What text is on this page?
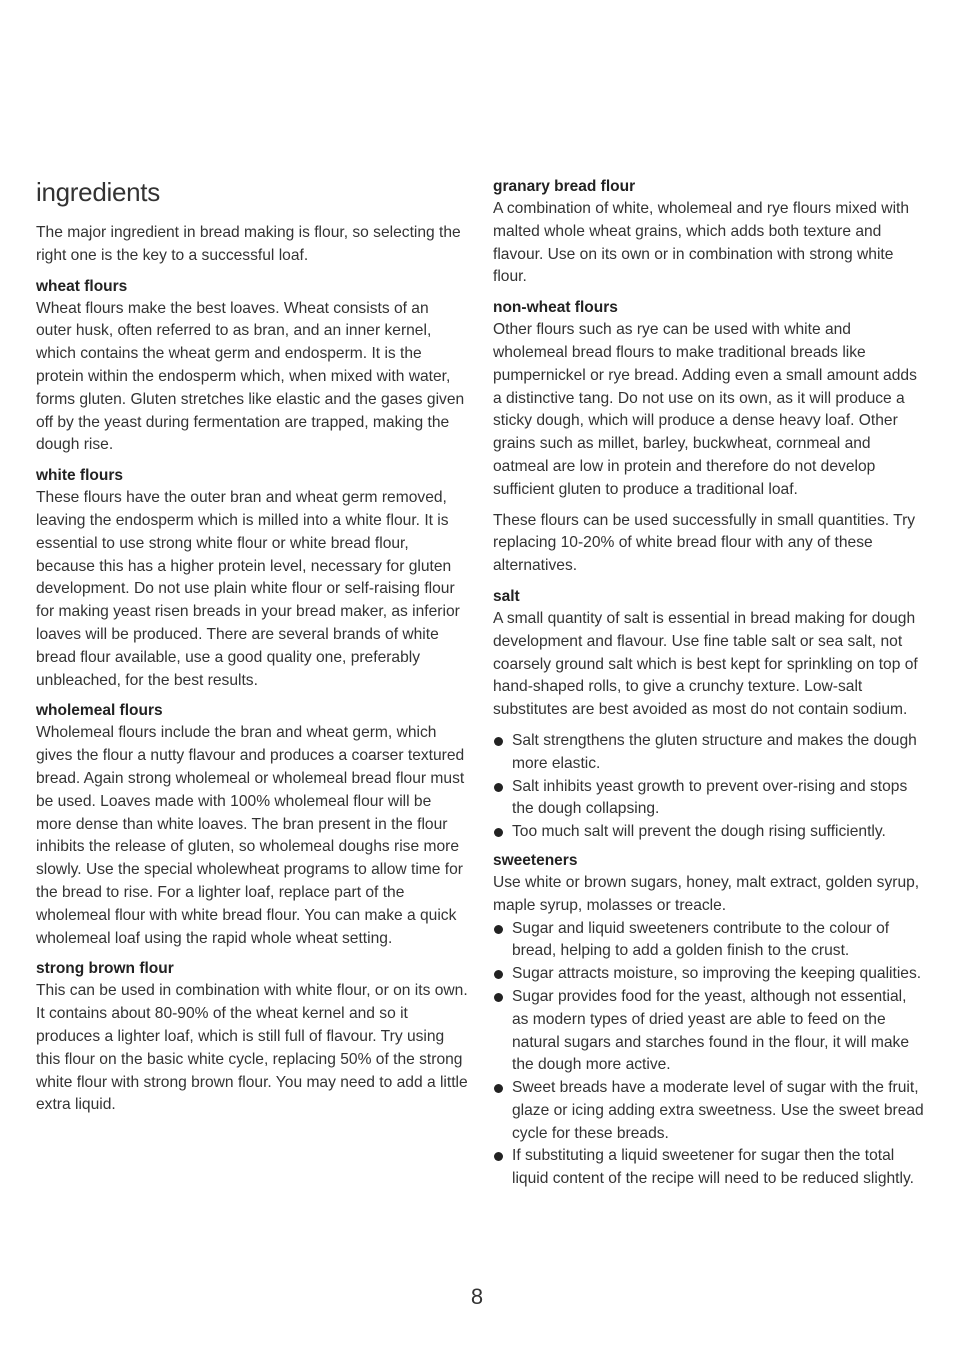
ingredients

The major ingredient in bread making is flour, so selecting the right one is the key to a successful loaf.

wheat flours

Wheat flours make the best loaves. Wheat consists of an outer husk, often referred to as bran, and an inner kernel, which contains the wheat germ and endosperm. It is the protein within the endosperm which, when mixed with water, forms gluten. Gluten stretches like elastic and the gases given off by the yeast during fermentation are trapped, making the dough rise.

white flours

These flours have the outer bran and wheat germ removed, leaving the endosperm which is milled into a white flour. It is essential to use strong white flour or white bread flour, because this has a higher protein level, necessary for gluten development. Do not use plain white flour or self-raising flour for making yeast risen breads in your bread maker, as inferior loaves will be produced. There are several brands of white bread flour available, use a good quality one, preferably unbleached, for the best results.

wholemeal flours

Wholemeal flours include the bran and wheat germ, which gives the flour a nutty flavour and produces a coarser textured bread. Again strong wholemeal or wholemeal bread flour must be used. Loaves made with 100% wholemeal flour will be more dense than white loaves. The bran present in the flour inhibits the release of gluten, so wholemeal doughs rise more slowly. Use the special wholewheat programs to allow time for the bread to rise. For a lighter loaf, replace part of the wholemeal flour with white bread flour. You can make a quick wholemeal loaf using the rapid whole wheat setting.

strong brown flour

This can be used in combination with white flour, or on its own. It contains about 80-90% of the wheat kernel and so it produces a lighter loaf, which is still full of flavour. Try using this flour on the basic white cycle, replacing 50% of the strong white flour with strong brown flour. You may need to add a little extra liquid.

granary bread flour

A combination of white, wholemeal and rye flours mixed with malted whole wheat grains, which adds both texture and flavour. Use on its own or in combination with strong white flour.

non-wheat flours

Other flours such as rye can be used with white and wholemeal bread flours to make traditional breads like pumpernickel or rye bread. Adding even a small amount adds a distinctive tang. Do not use on its own, as it will produce a sticky dough, which will produce a dense heavy loaf. Other grains such as millet, barley, buckwheat, cornmeal and oatmeal are low in protein and therefore do not develop sufficient gluten to produce a traditional loaf.

These flours can be used successfully in small quantities. Try replacing 10-20% of white bread flour with any of these alternatives.

salt

A small quantity of salt is essential in bread making for dough development and flavour. Use fine table salt or sea salt, not coarsely ground salt which is best kept for sprinkling on top of hand-shaped rolls, to give a crunchy texture. Low-salt substitutes are best avoided as most do not contain sodium.

Salt strengthens the gluten structure and makes the dough more elastic.
Salt inhibits yeast growth to prevent over-rising and stops the dough collapsing.
Too much salt will prevent the dough rising sufficiently.
sweeteners

Use white or brown sugars, honey, malt extract, golden syrup, maple syrup, molasses or treacle.

Sugar and liquid sweeteners contribute to the colour of bread, helping to add a golden finish to the crust.
Sugar attracts moisture, so improving the keeping qualities.
Sugar provides food for the yeast, although not essential, as modern types of dried yeast are able to feed on the natural sugars and starches found in the flour, it will make the dough more active.
Sweet breads have a moderate level of sugar with the fruit, glaze or icing adding extra sweetness. Use the sweet bread cycle for these breads.
If substituting a liquid sweetener for sugar then the total liquid content of the recipe will need to be reduced slightly.
8
